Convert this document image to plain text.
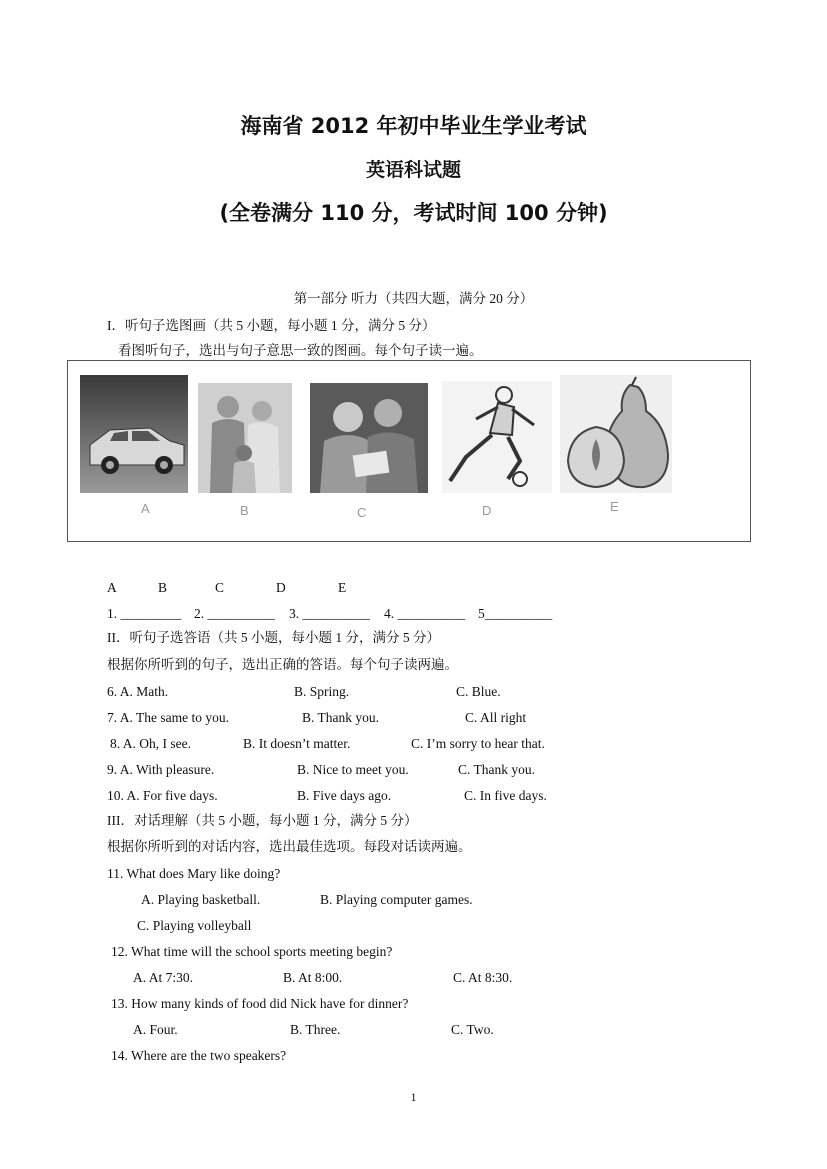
海南省 2012 年初中毕业生学业考试
英语科试题
(全卷满分 110 分，考试时间 100 分钟)
第一部分 听力（共四大题，满分 20 分）
I．听句子选图画（共 5 小题，每小题 1 分，满分 5 分）
看图听句子，选出与句子意思一致的图画。每个句子读一遍。
A	B	C	D	E
A	B	C	D	E
1. _________ 2. __________ 3. __________ 4. __________ 5__________
II．听句子选答语（共 5 小题，每小题 1 分，满分 5 分）
根据你所听到的句子，选出正确的答语。每个句子读两遍。
6. A. Math.	B. Spring.	C. Blue.
7. A. The same to you.	B. Thank you.	C. All right
8. A. Oh, I see.	B. It doesn’t matter.	C. I’m sorry to hear that.
9. A. With pleasure.	B. Nice to meet you.	C. Thank you.
10. A. For five days.	B. Five days ago.	C. In five days.
III．对话理解（共 5 小题，每小题 1 分，满分 5 分）
根据你所听到的对话内容，选出最佳选项。每段对话读两遍。
11. What does Mary like doing?
A. Playing basketball.	B. Playing computer games.
C. Playing volleyball
12. What time will the school sports meeting begin?
A. At 7:30.	B. At 8:00.	C. At 8:30.
13. How many kinds of food did Nick have for dinner?
A. Four.	B. Three.	C. Two.
14. Where are the two speakers?
1
